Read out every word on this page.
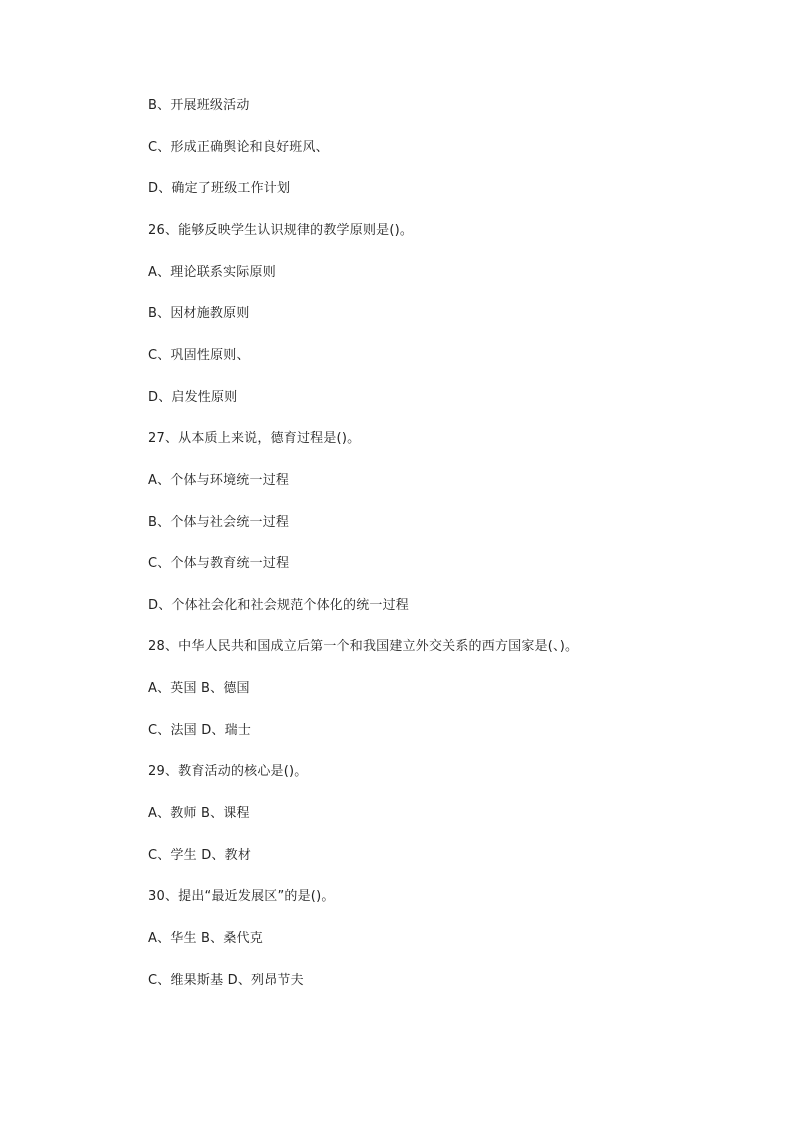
B、开展班级活动
C、形成正确舆论和良好班风、
D、确定了班级工作计划
26、能够反映学生认识规律的教学原则是()。
A、理论联系实际原则
B、因材施教原则
C、巩固性原则、
D、启发性原则
27、从本质上来说，德育过程是()。
A、个体与环境统一过程
B、个体与社会统一过程
C、个体与教育统一过程
D、个体社会化和社会规范个体化的统一过程
28、中华人民共和国成立后第一个和我国建立外交关系的西方国家是(、)。
A、英国 B、德国
C、法国 D、瑞士
29、教育活动的核心是()。
A、教师 B、课程
C、学生 D、教材
30、提出“最近发展区”的是()。
A、华生 B、桑代克
C、维果斯基 D、列昂节夫
